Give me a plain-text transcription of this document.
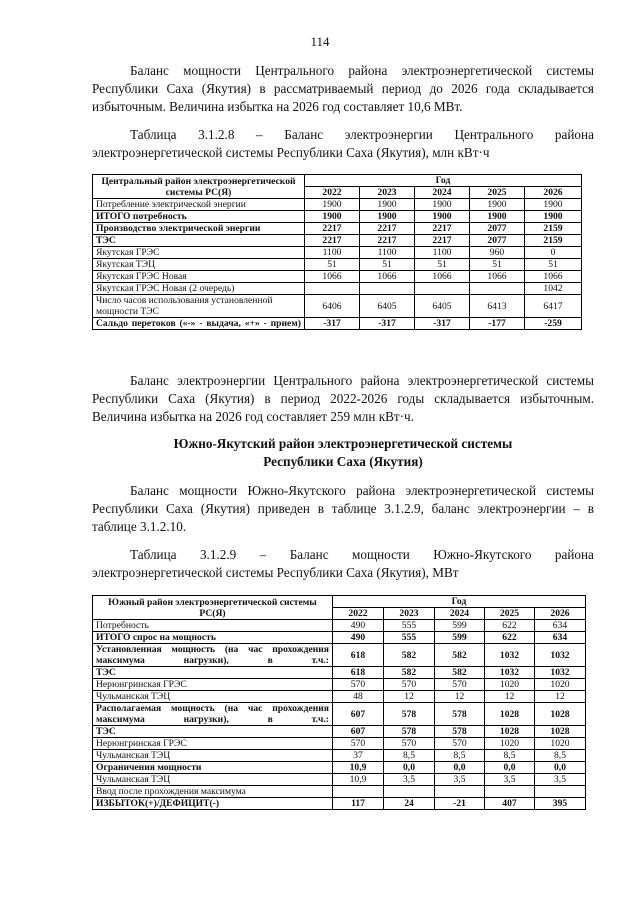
114

Баланс мощности Центрального района электроэнергетической системы Республики Саха (Якутия) в рассматриваемый период до 2026 года складывается избыточным. Величина избытка на 2026 год составляет 10,6 МВт.

Таблица 3.1.2.8 – Баланс электроэнергии Центрального района
электроэнергетической системы Республики Саха (Якутия), млн кВт·ч
Центральный район электроэнергетической системы РС(Я)	Год				
	2022	2023	2024	2025	2026
Потребление электрической энергии	1900	1900	1900	1900	1900
ИТОГО потребность	1900	1900	1900	1900	1900
Производство электрической энергии	2217	2217	2217	2077	2159
ТЭС	2217	2217	2217	2077	2159
Якутская ГРЭС	1100	1100	1100	960	0
Якутская ТЭЦ	51	51	51	51	51
Якутская ГРЭС Новая	1066	1066	1066	1066	1066
Якутская ГРЭС Новая (2 очередь)					1042
Число часов использования установленной мощности ТЭС	6406	6405	6405	6413	6417
Сальдо перетоков («-» - выдача, «+» - прием)	-317	-317	-317	-177	-259

Баланс электроэнергии Центрального района электроэнергетической системы Республики Саха (Якутия) в период 2022-2026 годы складывается избыточным. Величина избытка на 2026 год составляет 259 млн кВт·ч.

Южно-Якутский район электроэнергетической системы
Республики Саха (Якутия)

Баланс мощности Южно-Якутского района электроэнергетической системы Республики Саха (Якутия) приведен в таблице 3.1.2.9, баланс электроэнергии – в таблице 3.1.2.10.

Таблица 3.1.2.9 – Баланс мощности Южно-Якутского района
электроэнергетической системы Республики Саха (Якутия), МВт
Южный район электроэнергетической системы РС(Я)	Год				
	2022	2023	2024	2025	2026
Потребность	490	555	599	622	634
ИТОГО спрос на мощность	490	555	599	622	634
Установленная мощность (на час прохождения максимума нагрузки), в т.ч.:	618	582	582	1032	1032
ТЭС	618	582	582	1032	1032
Нерюнгринская ГРЭС	570	570	570	1020	1020
Чульманская ТЭЦ	48	12	12	12	12
Располагаемая мощность (на час прохождения максимума нагрузки), в т.ч.:	607	578	578	1028	1028
ТЭС	607	578	578	1028	1028
Нерюнгринская ГРЭС	570	570	570	1020	1020
Чульманская ТЭЦ	37	8,5	8,5	8,5	8,5
Ограничения мощности	10,9	0,0	0,0	0,0	0,0
Чульманская ТЭЦ	10,9	3,5	3,5	3,5	3,5
Ввод после прохождения максимума					
ИЗБЫТОК(+)/ДЕФИЦИТ(-)	117	24	-21	407	395
